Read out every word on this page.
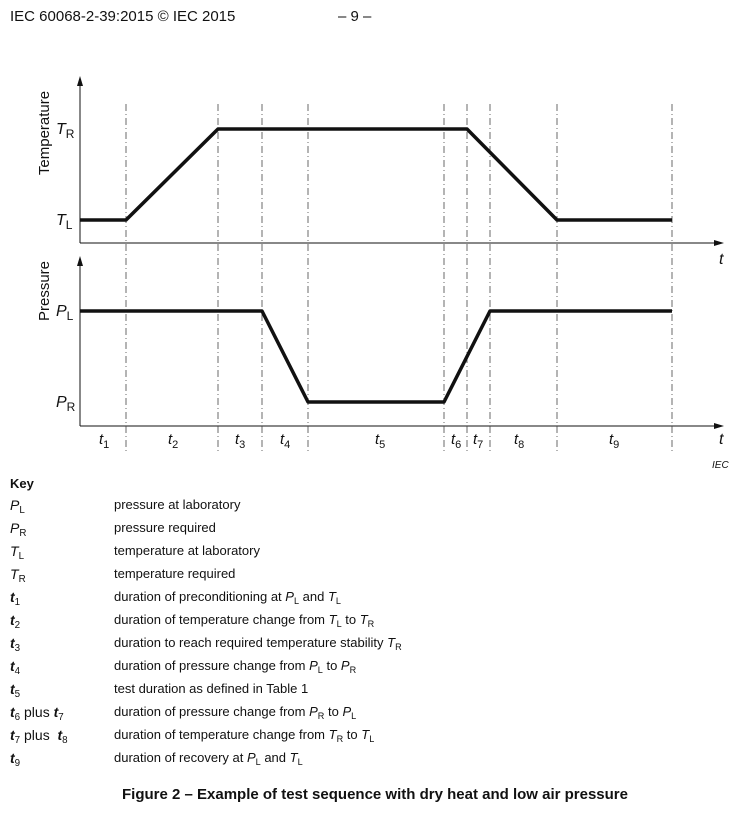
IEC 60068-2-39:2015 © IEC 2015	– 9 –
Temperature
Pressure
$T_R$
$T_L$
$P_L$
$P_R$
t
t
$t_1$	$t_2$	$t_3$ $t_4$	$t_5$	$t_6$ $t_7$ $t_8$	$t_9$
IEC
Key
$P_L$	pressure at laboratory
$P_R$	pressure required
$T_L$	temperature at laboratory
$T_R$	temperature required
$t_1$	duration of preconditioning at $P_L$ and $T_L$
$t_2$	duration of temperature change from $T_L$ to $T_R$
$t_3$	duration to reach required temperature stability $T_R$
$t_4$	duration of pressure change from $P_L$ to $P_R$
$t_5$	test duration as defined in Table 1
$t_6$ plus $t_7$	duration of pressure change from $P_R$ to $P_L$
$t_7$ plus  $t_8$	duration of temperature change from $T_R$ to $T_L$
$t_9$	duration of recovery at $P_L$ and $T_L$
Figure 2 – Example of test sequence with dry heat and low air pressure
